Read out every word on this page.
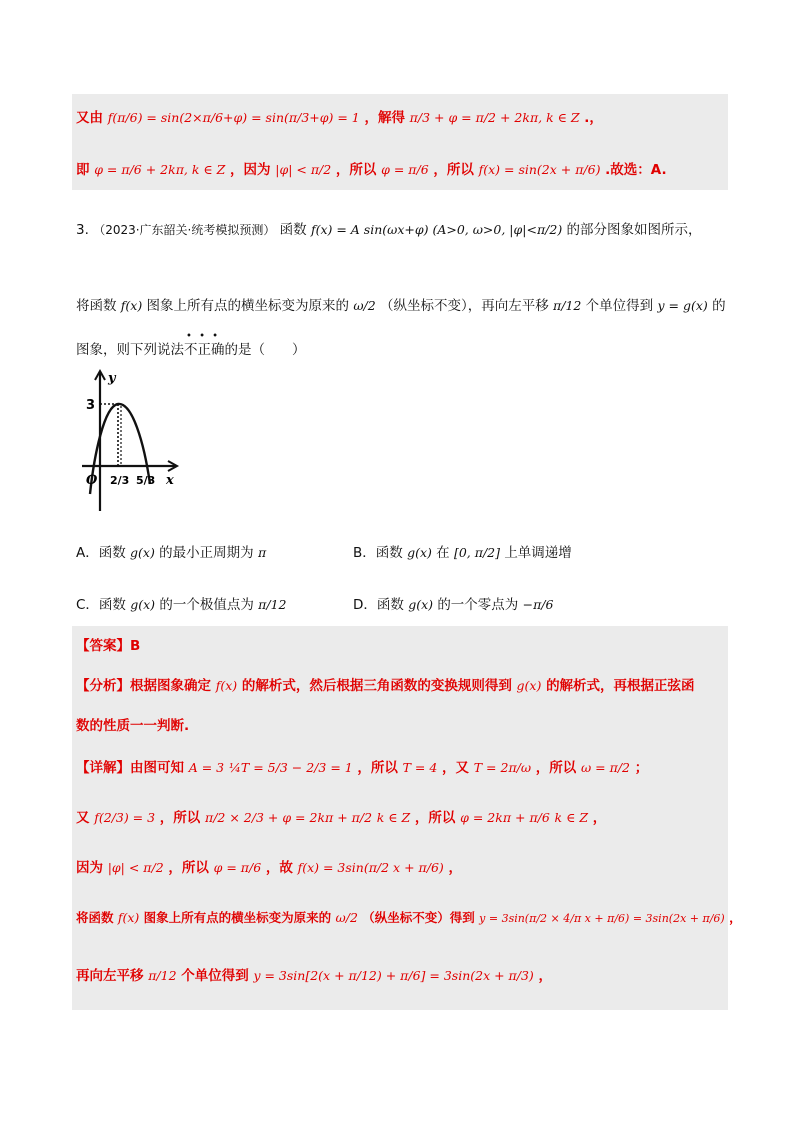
又由 f(π/6) = sin(2×π/6+φ) = sin(π/3+φ) = 1 ，解得 π/3 + φ = π/2 + 2kπ, k ∈ Z .，
即 φ = π/6 + 2kπ, k ∈ Z ，因为 |φ| < π/2 ，所以 φ = π/6 ，所以 f(x) = sin(2x + π/6) .故选：A.
3. （2023·广东韶关·统考模拟预测） 函数 f(x) = A sin(ωx+φ) (A>0, ω>0, |φ|<π/2) 的部分图象如图所示，
将函数 f(x) 图象上所有点的横坐标变为原来的 ω/2 （纵坐标不变），再向左平移 π/12 个单位得到 y = g(x) 的
图象，则下列说法不正确的是（　　）
• • •
y
x
3
O 2/3 5/3
A．函数 g(x) 的最小正周期为 π	B．函数 g(x) 在 [0, π/2] 上单调递增
C．函数 g(x) 的一个极值点为 π/12	D．函数 g(x) 的一个零点为 −π/6
【答案】B
【分析】根据图象确定 f(x) 的解析式，然后根据三角函数的变换规则得到 g(x) 的解析式，再根据正弦函
数的性质一一判断.
【详解】由图可知 A = 3 ¼T = 5/3 − 2/3 = 1 ，所以 T = 4 ，又 T = 2π/ω ，所以 ω = π/2 ；
又 f(2/3) = 3 ，所以 π/2 × 2/3 + φ = 2kπ + π/2 k ∈ Z ，所以 φ = 2kπ + π/6 k ∈ Z ，
因为 |φ| < π/2 ，所以 φ = π/6 ，故 f(x) = 3sin(π/2 x + π/6) ，
将函数 f(x) 图象上所有点的横坐标变为原来的 ω/2 （纵坐标不变）得到 y = 3sin(π/2 × 4/π x + π/6) = 3sin(2x + π/6) ，
再向左平移 π/12 个单位得到 y = 3sin[2(x + π/12) + π/6] = 3sin(2x + π/3) ，
